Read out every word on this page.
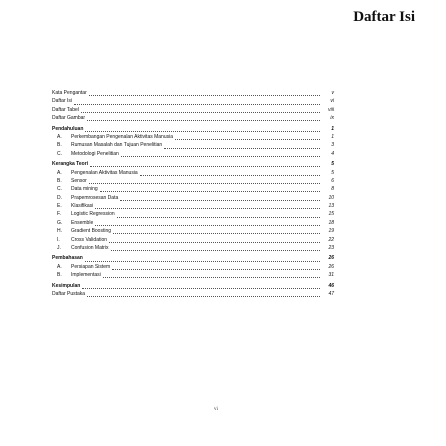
Daftar Isi
Kata Pengantar	v
Daftar Isi	vi
Daftar Tabel	viii
Daftar Gambar	ix
Pendahuluan	1
A.	Perkembangan Pengenalan Aktivitas Manusia	1
B.	Rumusan Masalah dan Tujuan Penelitian	3
C.	Metodologi Penelitian	4
Kerangka Teori	5
A.	Pengenalan Aktivitas Manusia	5
B.	Sensor	6
C.	Data mining	8
D.	Prapemrosesan Data	10
E.	Klasifikasi	13
F.	Logistic Regression	15
G.	Ensemble	18
H.	Gradient Boosting	19
I.	Cross Validation	22
J.	Confusion Matrix	23
Pembahasan	26
A.	Persiapan Sistem	26
B.	Implementasi	31
Kesimpulan	46
Daftar Pustaka	47
vi
